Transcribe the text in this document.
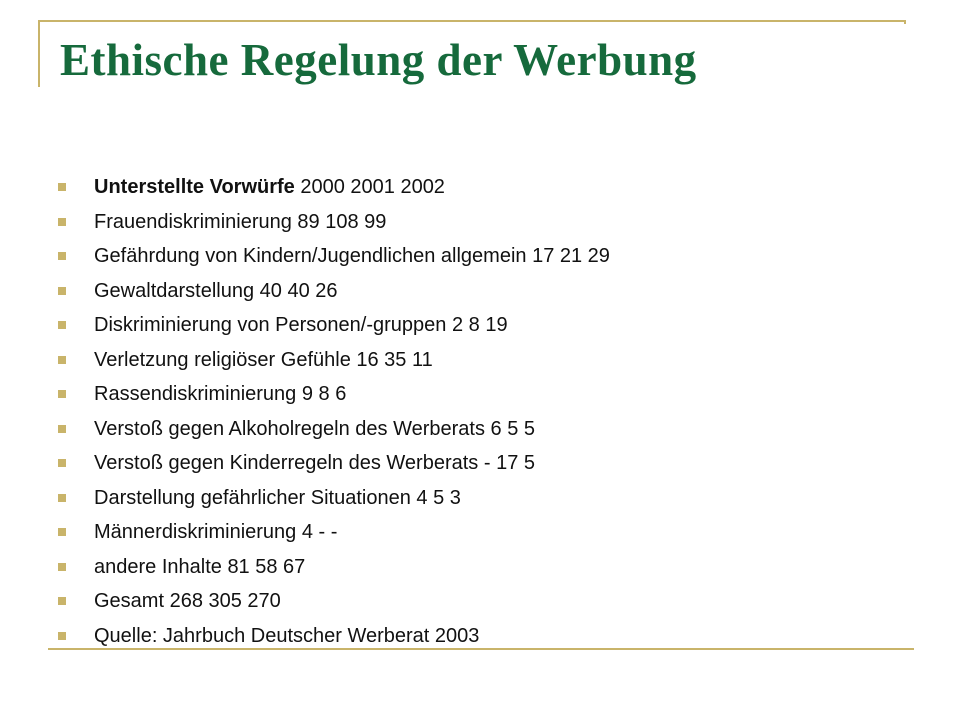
Ethische Regelung der Werbung
Unterstellte Vorwürfe 2000 2001 2002
Frauendiskriminierung 89 108 99
Gefährdung von Kindern/Jugendlichen allgemein 17 21 29
Gewaltdarstellung 40 40 26
Diskriminierung von Personen/-gruppen 2 8 19
Verletzung religiöser Gefühle 16 35 11
Rassendiskriminierung 9 8 6
Verstoß gegen Alkoholregeln des Werberats 6 5 5
Verstoß gegen Kinderregeln des Werberats - 17 5
Darstellung gefährlicher Situationen 4 5 3
Männerdiskriminierung 4 - -
andere Inhalte 81 58 67
Gesamt 268 305 270
Quelle: Jahrbuch Deutscher Werberat 2003
